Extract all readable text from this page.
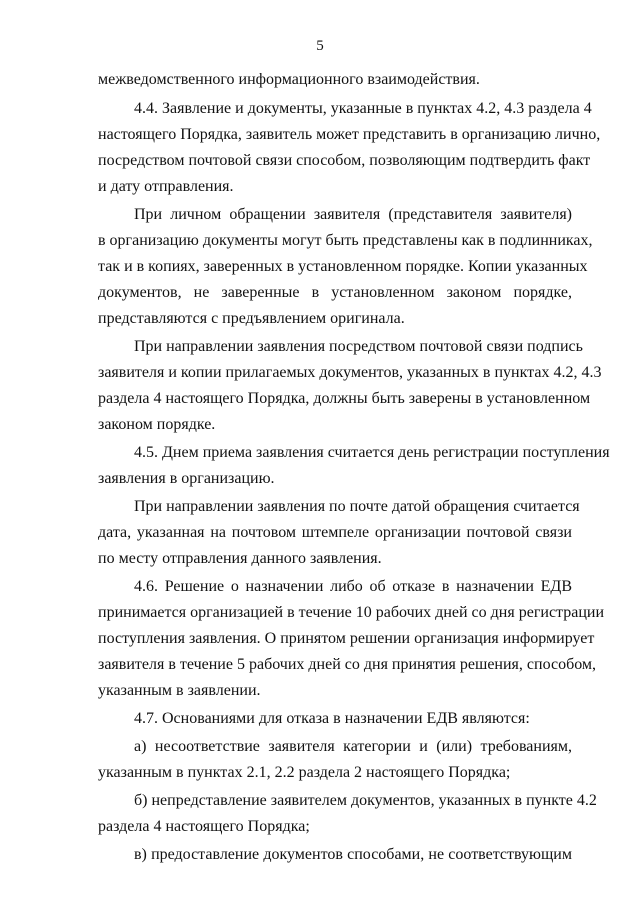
5
межведомственного информационного взаимодействия.
4.4. Заявление и документы, указанные в пунктах 4.2, 4.3 раздела 4
настоящего Порядка, заявитель может представить в организацию лично,
посредством почтовой связи способом, позволяющим подтвердить факт
и дату отправления.
При личном обращении заявителя (представителя заявителя)
в организацию документы могут быть представлены как в подлинниках,
так и в копиях, заверенных в установленном порядке. Копии указанных
документов, не заверенные в установленном законом порядке,
представляются с предъявлением оригинала.
При направлении заявления посредством почтовой связи подпись
заявителя и копии прилагаемых документов, указанных в пунктах 4.2, 4.3
раздела 4 настоящего Порядка, должны быть заверены в установленном
законом порядке.
4.5. Днем приема заявления считается день регистрации поступления
заявления в организацию.
При направлении заявления по почте датой обращения считается
дата, указанная на почтовом штемпеле организации почтовой связи
по месту отправления данного заявления.
4.6. Решение о назначении либо об отказе в назначении ЕДВ
принимается организацией в течение 10 рабочих дней со дня регистрации
поступления заявления. О принятом решении организация информирует
заявителя в течение 5 рабочих дней со дня принятия решения, способом,
указанным в заявлении.
4.7. Основаниями для отказа в назначении ЕДВ являются:
а) несоответствие заявителя категории и (или) требованиям,
указанным в пунктах 2.1, 2.2 раздела 2 настоящего Порядка;
б) непредставление заявителем документов, указанных в пункте 4.2
раздела 4 настоящего Порядка;
в) предоставление документов способами, не соответствующим
